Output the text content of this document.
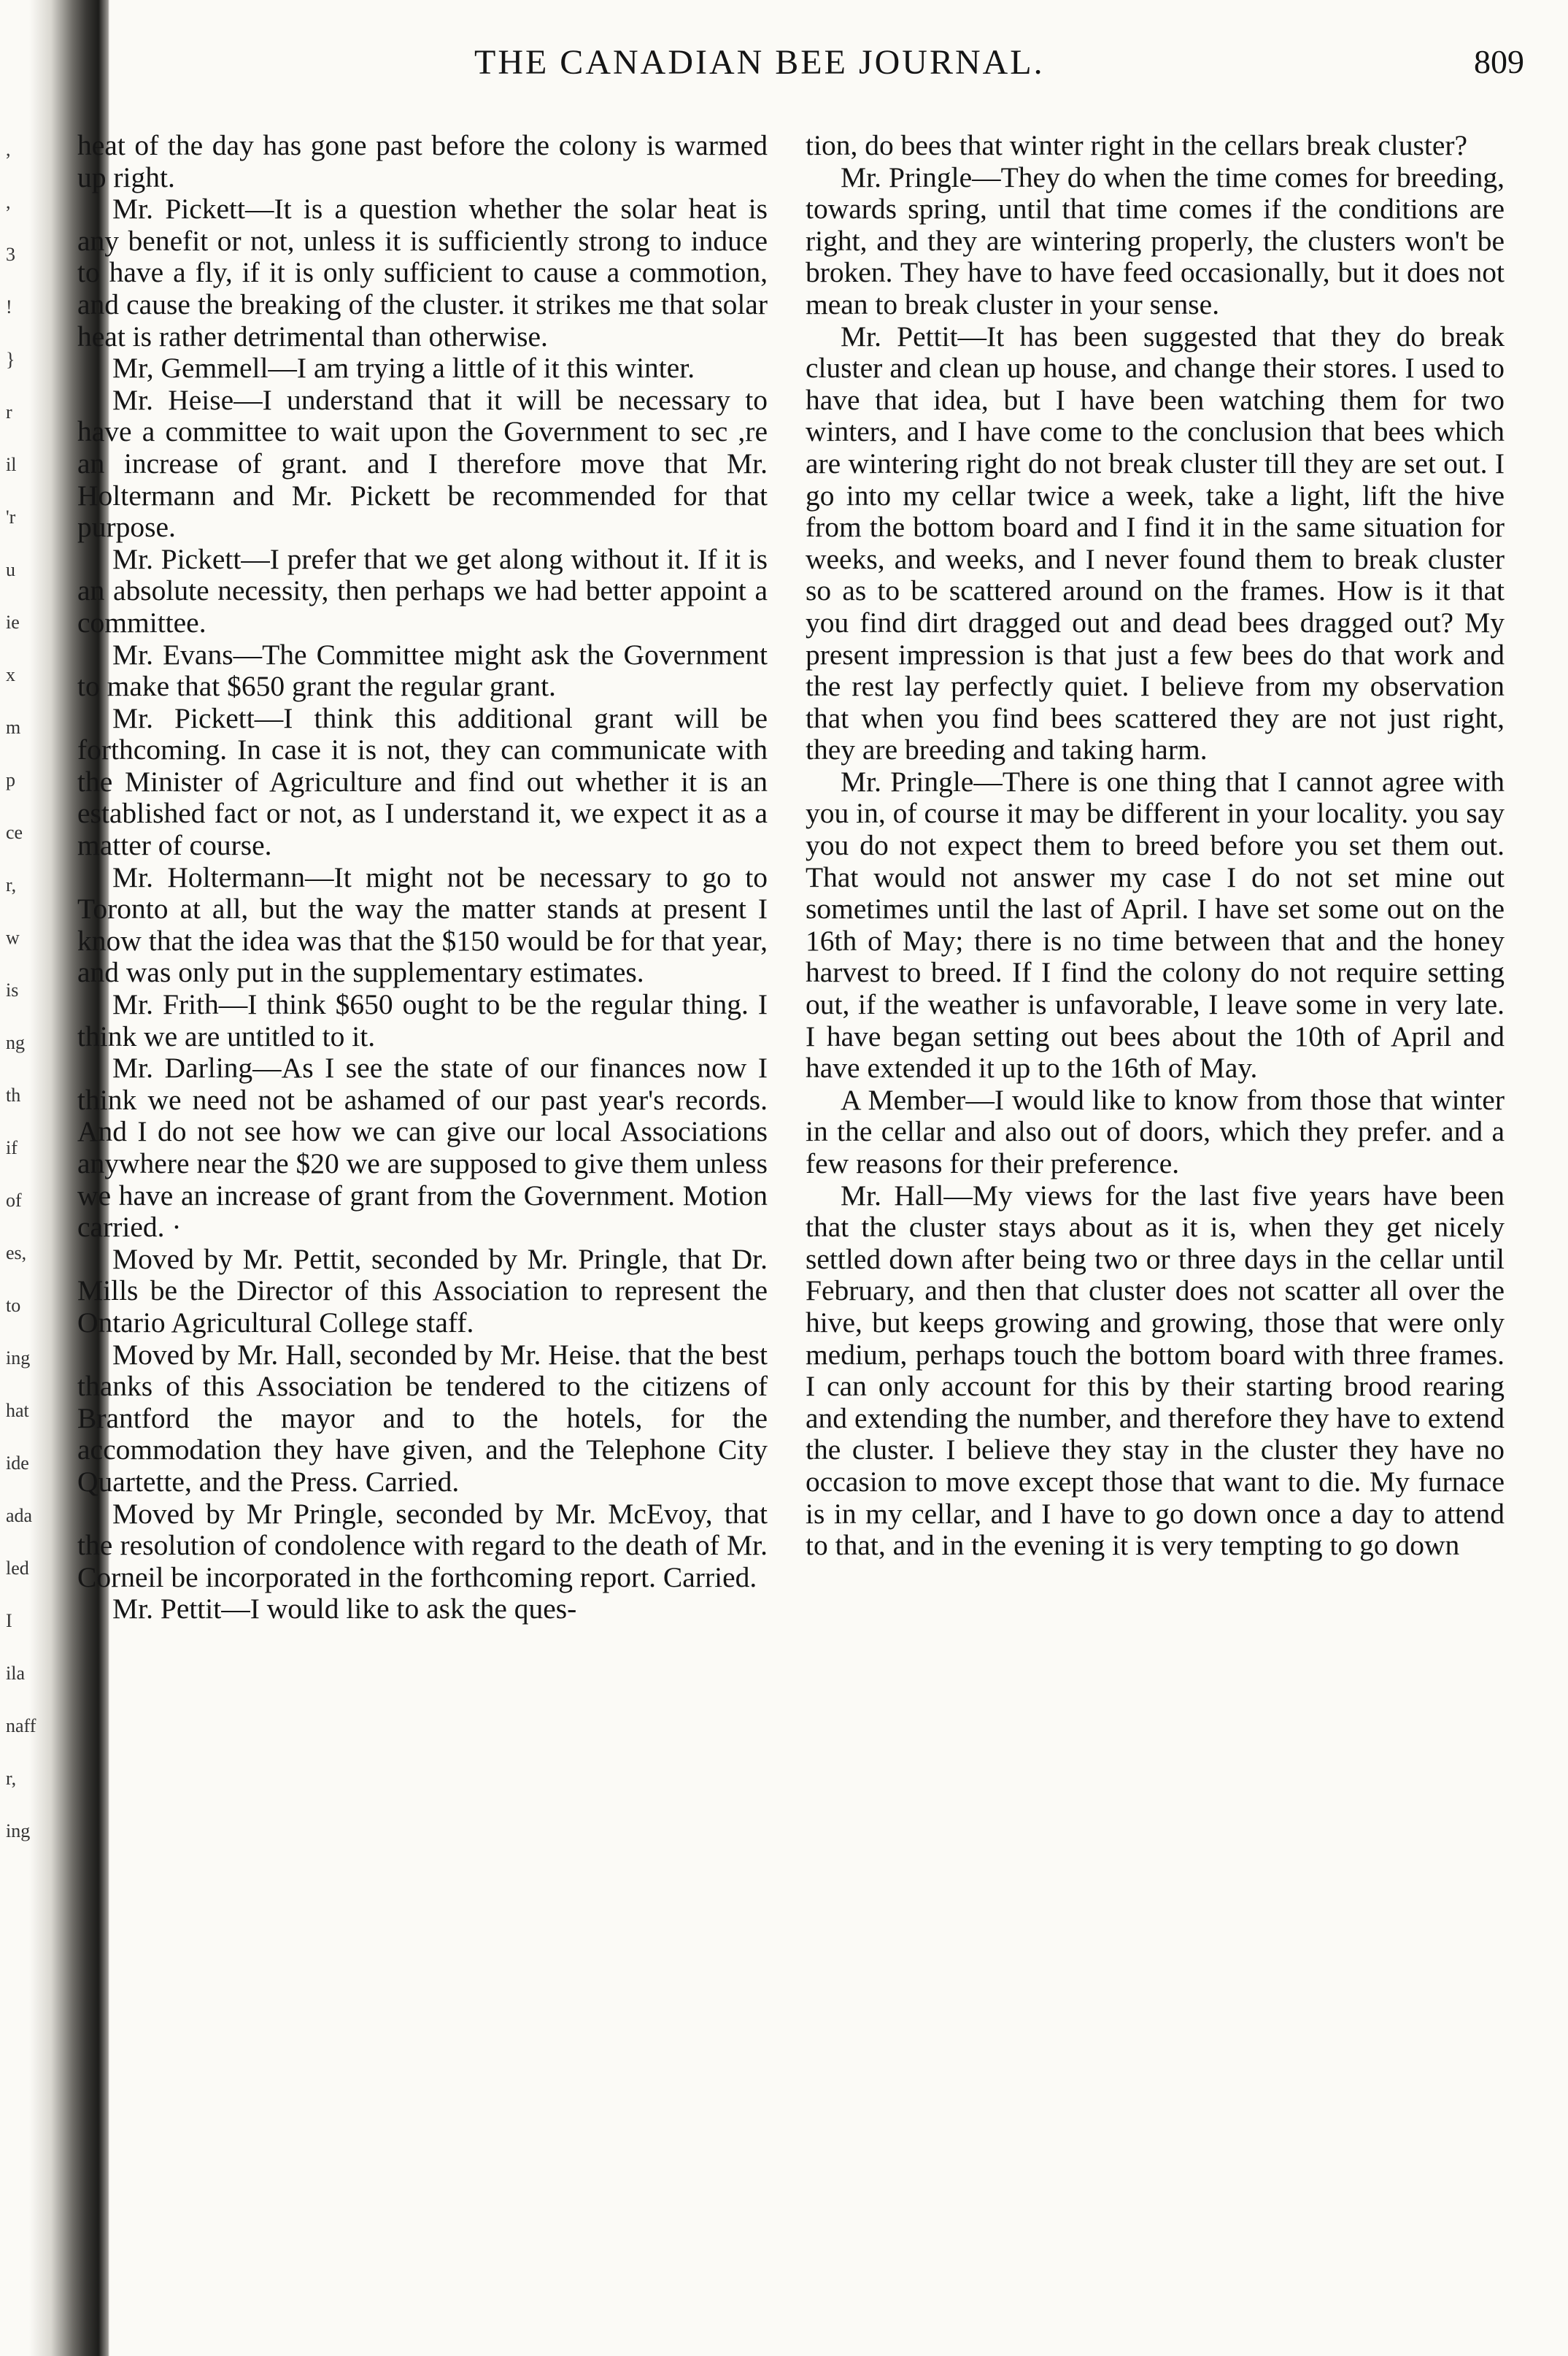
,
,
3
!
}
r
il
'r
u
ie
x
m
p
ce
r,
w
is
ng
th
if
of
es,
to
ing
hat
ide
ada
led
I
ila
naff
r,
ing
THE CANADIAN BEE JOURNAL.	809

heat of the day has gone past before the colony is warmed up right.

Mr. Pickett—It is a question whether the solar heat is any benefit or not, unless it is sufficiently strong to induce to have a fly, if it is only sufficient to cause a commotion, and cause the breaking of the cluster. it strikes me that solar heat is rather detrimental than otherwise.

Mr, Gemmell—I am trying a little of it this winter.

Mr. Heise—I understand that it will be necessary to have a committee to wait upon the Government to sec ,re an increase of grant. and I therefore move that Mr. Holtermann and Mr. Pickett be recommended for that purpose.

Mr. Pickett—I prefer that we get along without it. If it is an absolute necessity, then perhaps we had better appoint a committee.

Mr. Evans—The Committee might ask the Government to make that $650 grant the regular grant.

Mr. Pickett—I think this additional grant will be forthcoming. In case it is not, they can communicate with the Minister of Agriculture and find out whether it is an established fact or not, as I understand it, we expect it as a matter of course.

Mr. Holtermann—It might not be necessary to go to Toronto at all, but the way the matter stands at present I know that the idea was that the $150 would be for that year, and was only put in the supplementary estimates.

Mr. Frith—I think $650 ought to be the regular thing. I think we are untitled to it.

Mr. Darling—As I see the state of our finances now I think we need not be ashamed of our past year's records. And I do not see how we can give our local Associations anywhere near the $20 we are supposed to give them unless we have an increase of grant from the Government. Motion carried. ·

Moved by Mr. Pettit, seconded by Mr. Pringle, that Dr. Mills be the Director of this Association to represent the Ontario Agricultural College staff.

Moved by Mr. Hall, seconded by Mr. Heise. that the best thanks of this Association be tendered to the citizens of Brantford the mayor and to the hotels, for the accommodation they have given, and the Telephone City Quartette, and the Press. Carried.

Moved by Mr Pringle, seconded by Mr. McEvoy, that the resolution of condolence with regard to the death of Mr. Corneil be incorporated in the forthcoming report. Carried.

Mr. Pettit—I would like to ask the ques-

tion, do bees that winter right in the cellars break cluster?

Mr. Pringle—They do when the time comes for breeding, towards spring, until that time comes if the conditions are right, and they are wintering properly, the clusters won't be broken. They have to have feed occasionally, but it does not mean to break cluster in your sense.

Mr. Pettit—It has been suggested that they do break cluster and clean up house, and change their stores. I used to have that idea, but I have been watching them for two winters, and I have come to the conclusion that bees which are wintering right do not break cluster till they are set out. I go into my cellar twice a week, take a light, lift the hive from the bottom board and I find it in the same situation for weeks, and weeks, and I never found them to break cluster so as to be scattered around on the frames. How is it that you find dirt dragged out and dead bees dragged out? My present impression is that just a few bees do that work and the rest lay perfectly quiet. I believe from my observation that when you find bees scattered they are not just right, they are breeding and taking harm.

Mr. Pringle—There is one thing that I cannot agree with you in, of course it may be different in your locality. you say you do not expect them to breed before you set them out. That would not answer my case I do not set mine out sometimes until the last of April. I have set some out on the 16th of May; there is no time between that and the honey harvest to breed. If I find the colony do not require setting out, if the weather is unfavorable, I leave some in very late. I have began setting out bees about the 10th of April and have extended it up to the 16th of May.

A Member—I would like to know from those that winter in the cellar and also out of doors, which they prefer. and a few reasons for their preference.

Mr. Hall—My views for the last five years have been that the cluster stays about as it is, when they get nicely settled down after being two or three days in the cellar until February, and then that cluster does not scatter all over the hive, but keeps growing and growing, those that were only medium, perhaps touch the bottom board with three frames. I can only account for this by their starting brood rearing and extending the number, and therefore they have to extend the cluster. I believe they stay in the cluster they have no occasion to move except those that want to die. My furnace is in my cellar, and I have to go down once a day to attend to that, and in the evening it is very tempting to go down
